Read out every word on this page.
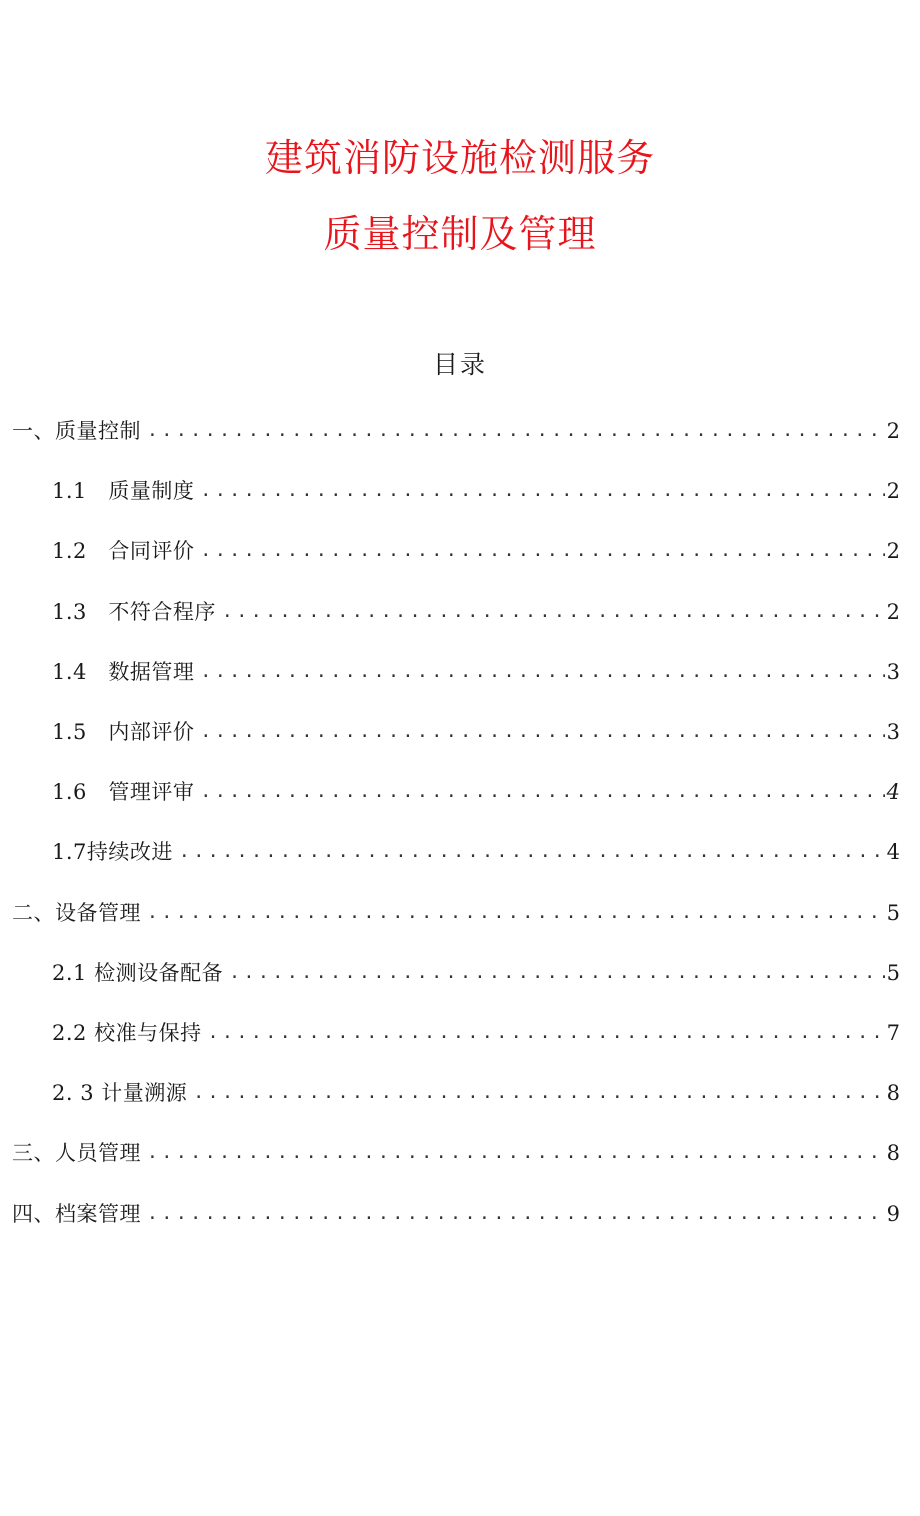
建筑消防设施检测服务
质量控制及管理
目录
一、质量控制 .....	2
1.1　质量制度 .....	2
1.2　合同评价 .....	2
1.3　不符合程序 .....	2
1.4　数据管理 .....	3
1.5　内部评价 .....	3
1.6　管理评审 .....	4
1.7持续改进 .....	4
二、设备管理 .....	5
2.1 检测设备配备 .....	5
2.2 校准与保持 .....	7
2. 3 计量溯源 .....	8
三、人员管理 .....	8
四、档案管理 .....	9
